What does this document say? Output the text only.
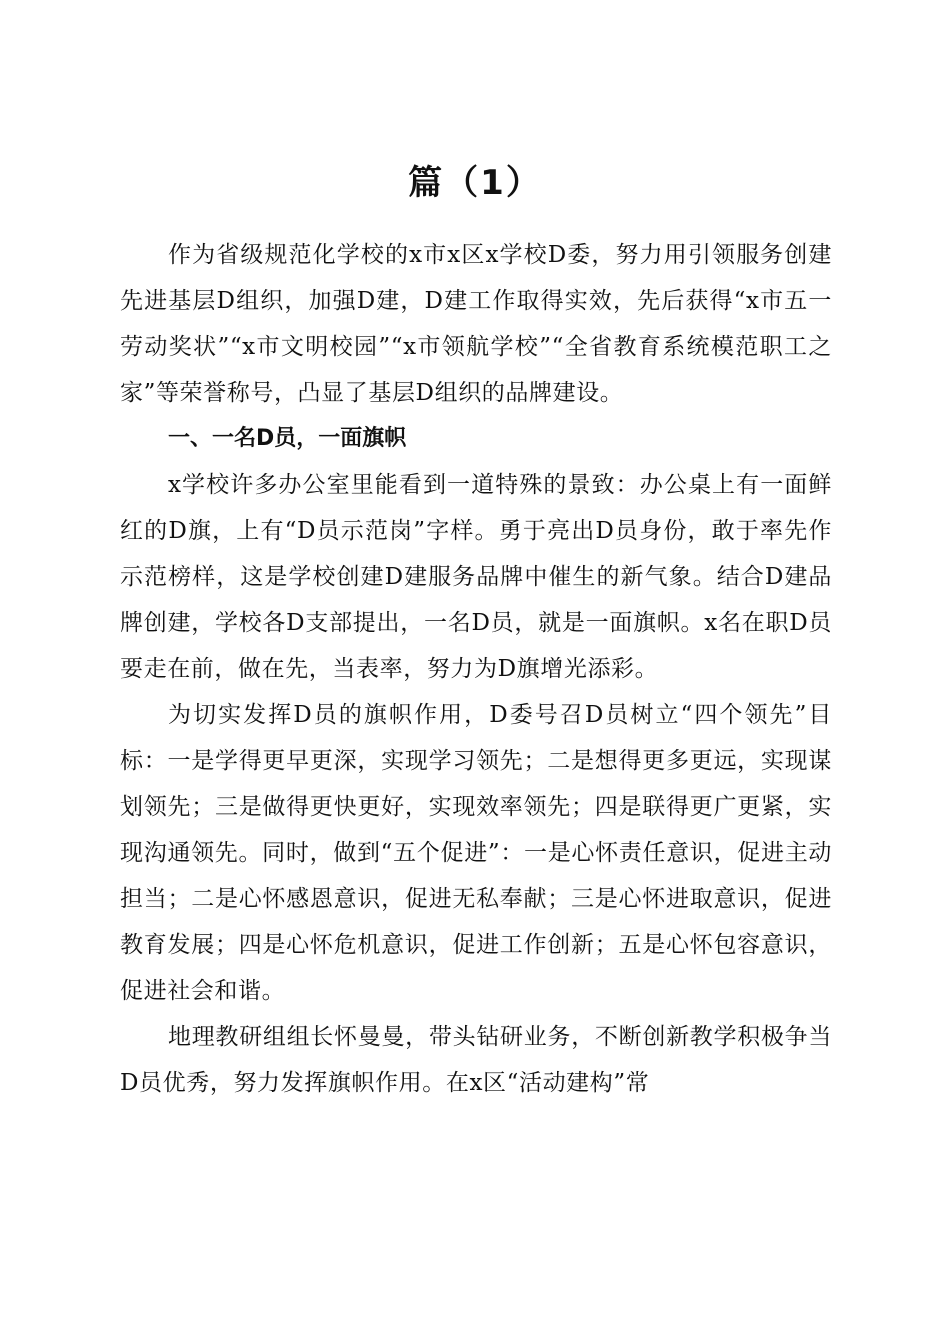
篇（1）

作为省级规范化学校的x市x区x学校D委，努力用引领服务创建先进基层D组织，加强D建，D建工作取得实效，先后获得“x市五一劳动奖状”“x市文明校园”“x市领航学校”“全省教育系统模范职工之家”等荣誉称号，凸显了基层D组织的品牌建设。

一、一名D员，一面旗帜

x学校许多办公室里能看到一道特殊的景致：办公桌上有一面鲜红的D旗，上有“D员示范岗”字样。勇于亮出D员身份，敢于率先作示范榜样，这是学校创建D建服务品牌中催生的新气象。结合D建品牌创建，学校各D支部提出，一名D员，就是一面旗帜。x名在职D员要走在前，做在先，当表率，努力为D旗增光添彩。

为切实发挥D员的旗帜作用，D委号召D员树立“四个领先”目标：一是学得更早更深，实现学习领先；二是想得更多更远，实现谋划领先；三是做得更快更好，实现效率领先；四是联得更广更紧，实现沟通领先。同时，做到“五个促进”：一是心怀责任意识，促进主动担当；二是心怀感恩意识，促进无私奉献；三是心怀进取意识，促进教育发展；四是心怀危机意识，促进工作创新；五是心怀包容意识，促进社会和谐。

地理教研组组长怀曼曼，带头钻研业务，不断创新教学积极争当D员优秀，努力发挥旗帜作用。在x区“活动建构”常
